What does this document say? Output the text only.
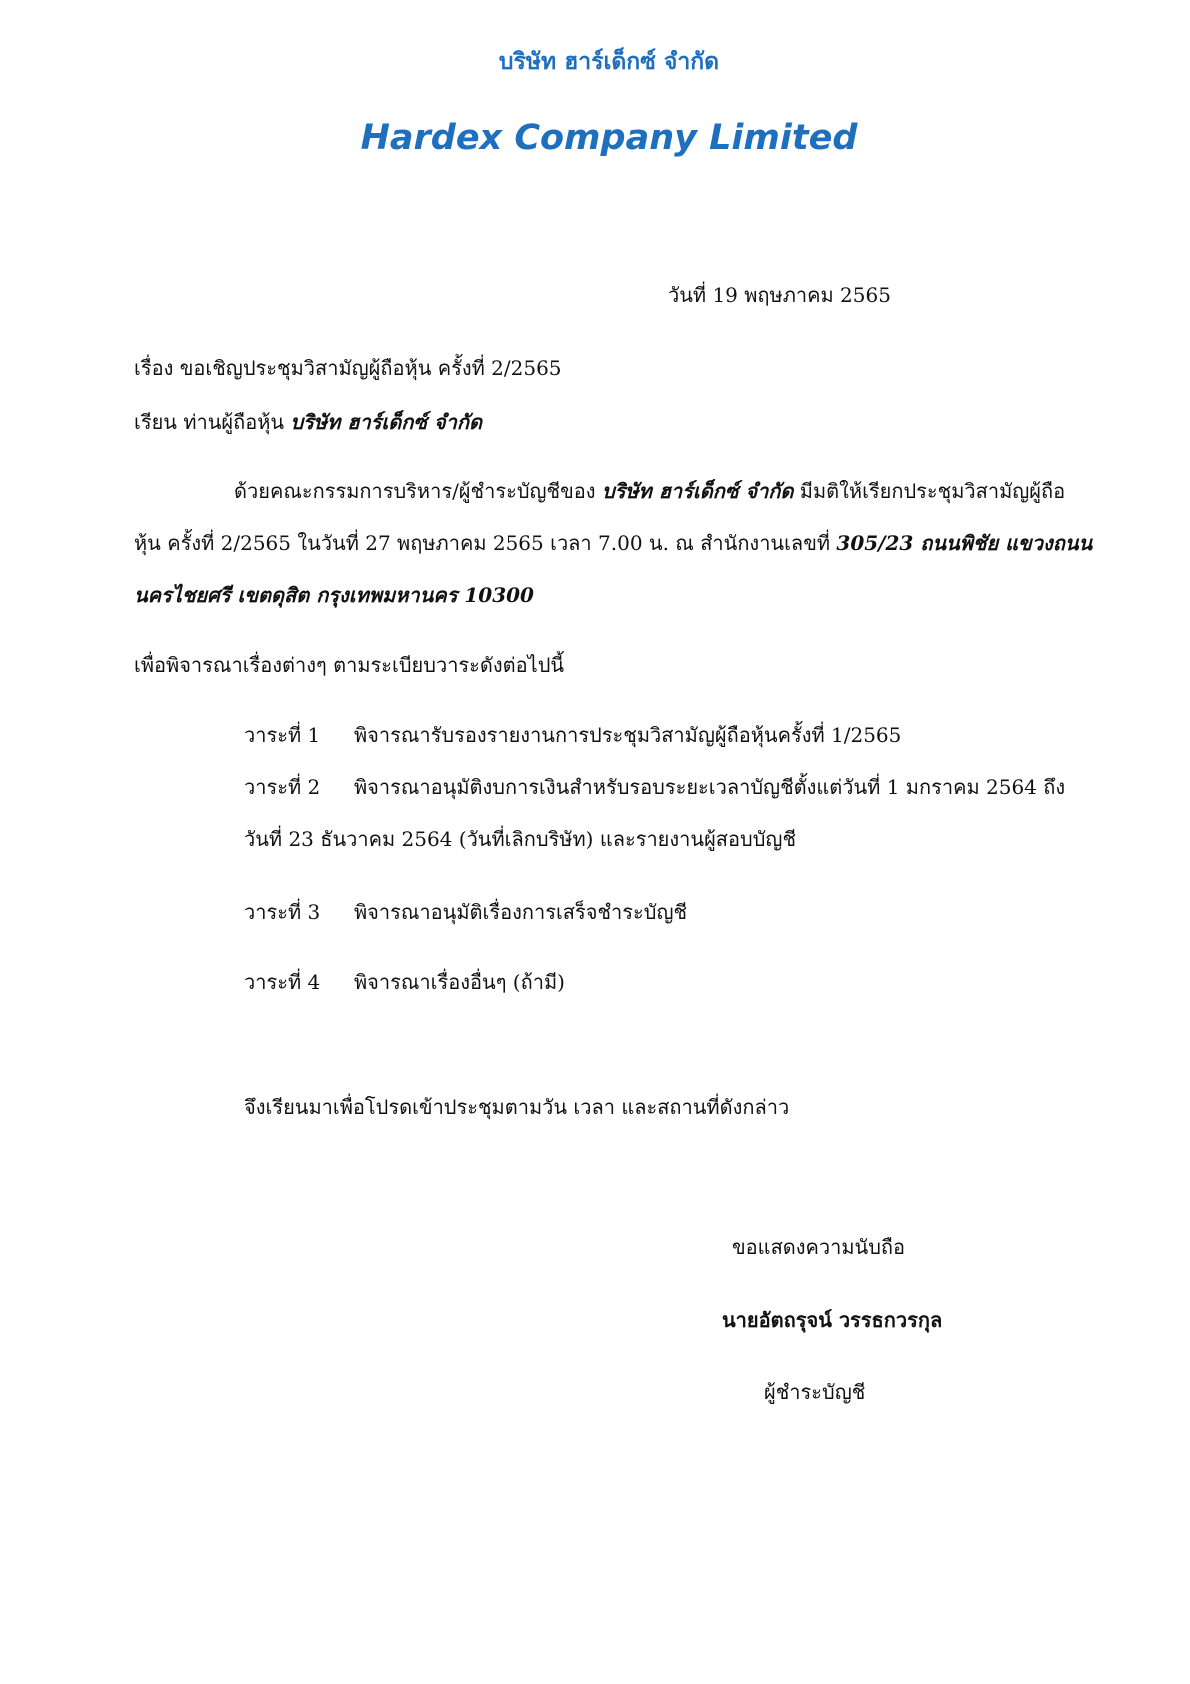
บริษัท ฮาร์เด็กซ์ จำกัด
Hardex Company Limited
วันที่ 19 พฤษภาคม 2565
เรื่อง ขอเชิญประชุมวิสามัญผู้ถือหุ้น ครั้งที่ 2/2565
เรียน ท่านผู้ถือหุ้น บริษัท ฮาร์เด็กซ์ จำกัด
ด้วยคณะกรรมการบริหาร/ผู้ชำระบัญชีของ บริษัท ฮาร์เด็กซ์ จำกัด มีมติให้เรียกประชุมวิสามัญผู้ถือ
หุ้น ครั้งที่ 2/2565 ในวันที่ 27 พฤษภาคม 2565 เวลา 7.00 น. ณ สำนักงานเลขที่ 305/23 ถนนพิชัย แขวงถนน
นครไชยศรี เขตดุสิต กรุงเทพมหานคร 10300
เพื่อพิจารณาเรื่องต่างๆ ตามระเบียบวาระดังต่อไปนี้
วาระที่ 1 พิจารณารับรองรายงานการประชุมวิสามัญผู้ถือหุ้นครั้งที่ 1/2565
วาระที่ 2 พิจารณาอนุมัติงบการเงินสำหรับรอบระยะเวลาบัญชีตั้งแต่วันที่ 1 มกราคม 2564 ถึง
วันที่ 23 ธันวาคม 2564 (วันที่เลิกบริษัท) และรายงานผู้สอบบัญชี
วาระที่ 3 พิจารณาอนุมัติเรื่องการเสร็จชำระบัญชี
วาระที่ 4 พิจารณาเรื่องอื่นๆ (ถ้ามี)
จึงเรียนมาเพื่อโปรดเข้าประชุมตามวัน เวลา และสถานที่ดังกล่าว
ขอแสดงความนับถือ
นายอัตถรุจน์ วรรธกวรกุล
ผู้ชำระบัญชี
